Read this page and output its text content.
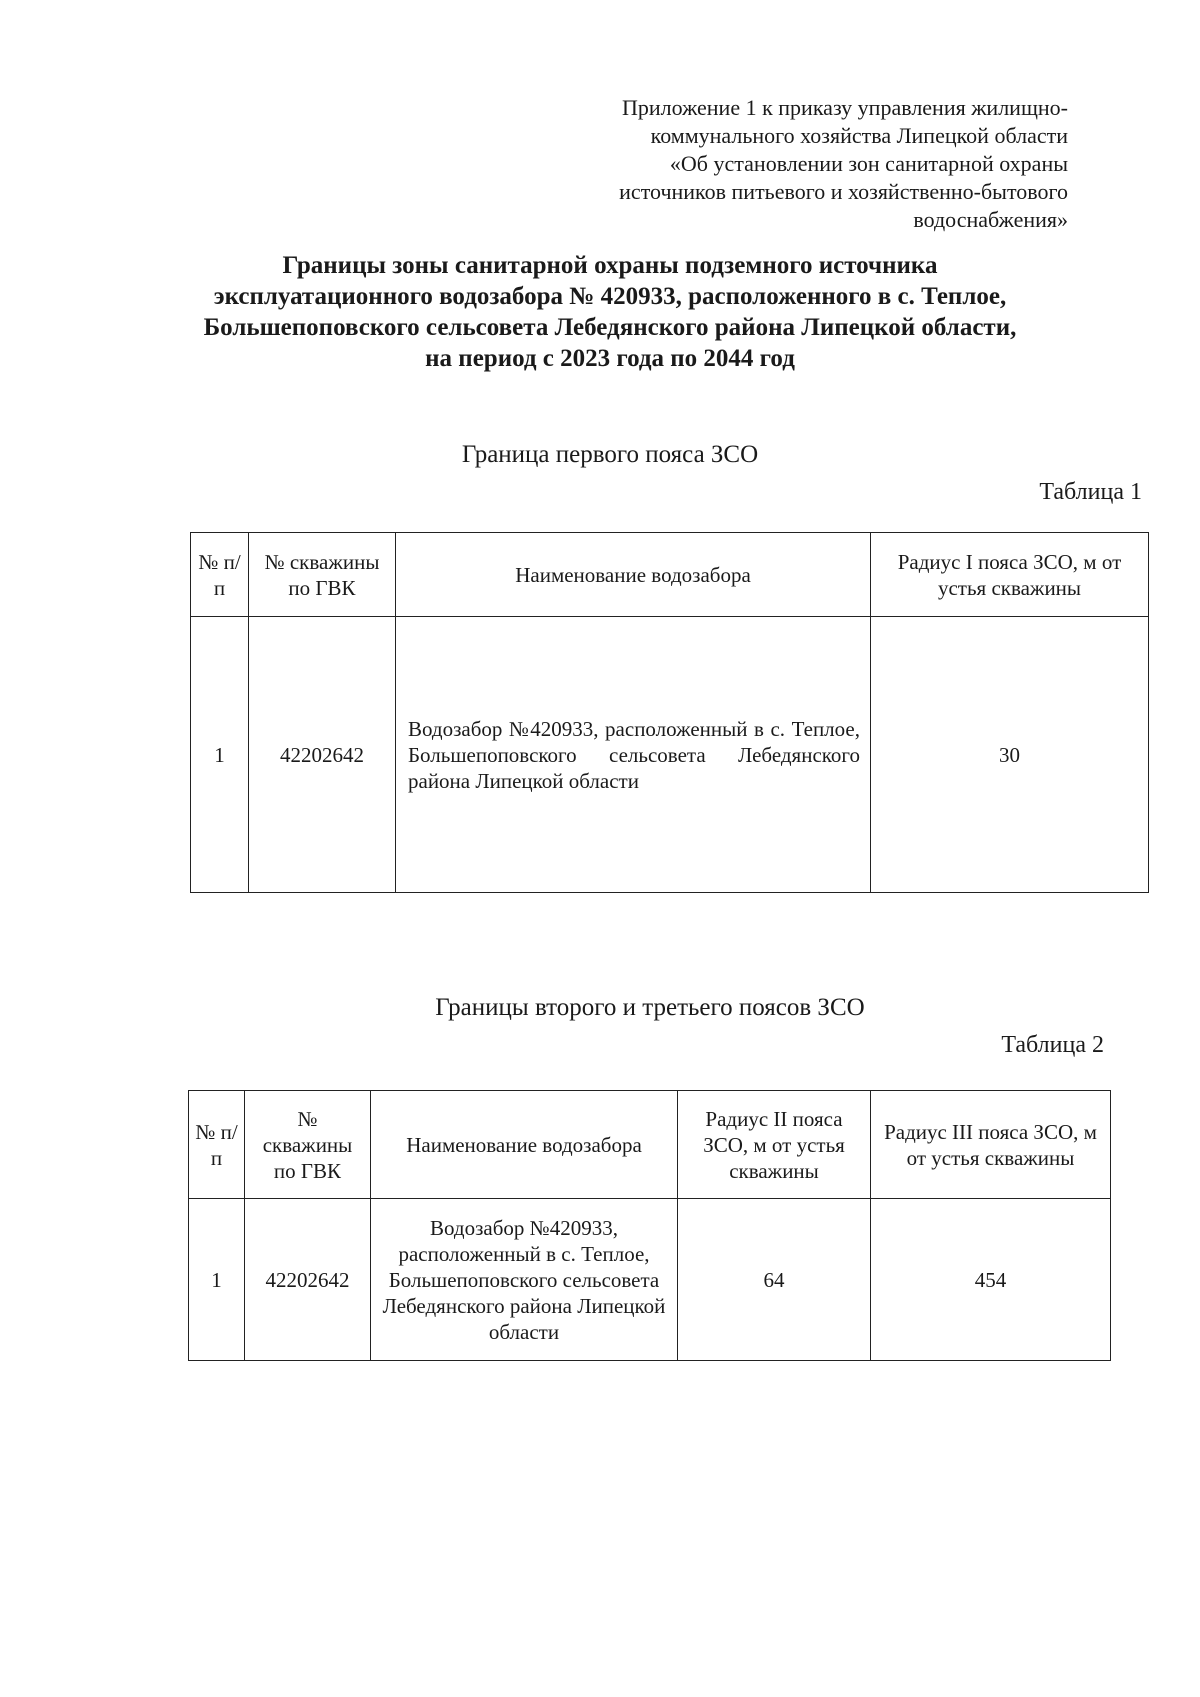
Приложение 1 к приказу управления жилищно-
коммунального хозяйства Липецкой области
«Об установлении зон санитарной охраны
источников питьевого и хозяйственно-бытового
водоснабжения»
Границы зоны санитарной охраны подземного источника
эксплуатационного водозабора № 420933, расположенного в с. Теплое,
Большепоповского сельсовета Лебедянского района Липецкой области,
на период с 2023 года по 2044 год
Граница первого пояса ЗСО
Таблица 1
№ п/п	№ скважины по ГВК	Наименование водозабора	Радиус I пояса ЗСО, м от устья скважины
1	42202642	Водозабор №420933, расположенный в с. Теплое, Большепоповского сельсовета Лебедянского района Липецкой области	30
Границы второго и третьего поясов ЗСО
Таблица 2
№ п/п	№ скважины по ГВК	Наименование водозабора	Радиус II пояса ЗСО, м от устья скважины	Радиус III пояса ЗСО, м от устья скважины
1	42202642	Водозабор №420933, расположенный в с. Теплое, Большепоповского сельсовета Лебедянского района Липецкой области	64	454
